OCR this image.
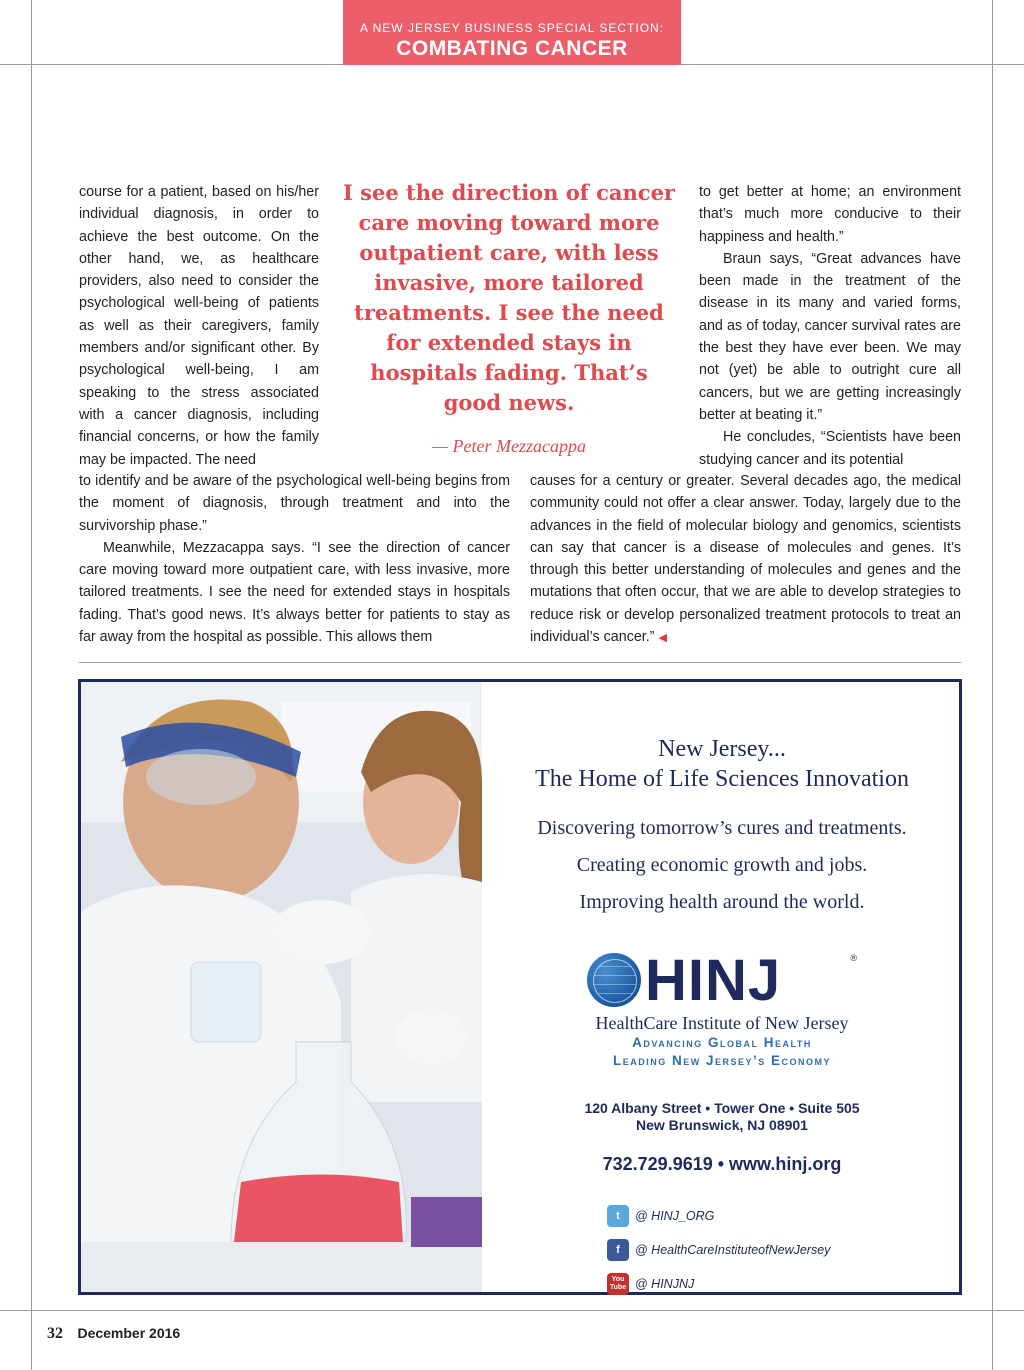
A NEW JERSEY BUSINESS SPECIAL SECTION:
COMBATING CANCER

course for a patient, based on his/her individual diagnosis, in order to achieve the best outcome. On the other hand, we, as healthcare providers, also need to consider the psychological well-being of patients as well as their caregivers, family members and/or significant other. By psychological well-being, I am speaking to the stress associated with a cancer diagnosis, including financial concerns, or how the family may be impacted. The need

I see the direction of cancer care moving toward more outpatient care, with less invasive, more tailored treatments. I see the need for extended stays in hospitals fading. That’s good news.

— Peter Mezzacappa

to get better at home; an environment that’s much more conducive to their happiness and health.”

Braun says, “Great advances have been made in the treatment of the disease in its many and varied forms, and as of today, cancer survival rates are the best they have ever been. We may not (yet) be able to outright cure all cancers, but we are getting increasingly better at beating it.”

He concludes, “Scientists have been studying cancer and its potential

to identify and be aware of the psychological well-being begins from the moment of diagnosis, through treatment and into the survivorship phase.”

Meanwhile, Mezzacappa says. “I see the direction of cancer care moving toward more outpatient care, with less invasive, more tailored treatments. I see the need for extended stays in hospitals fading. That’s good news. It’s always better for patients to stay as far away from the hospital as possible. This allows them

causes for a century or greater. Several decades ago, the medical community could not offer a clear answer. Today, largely due to the advances in the field of molecular biology and genomics, scientists can say that cancer is a disease of molecules and genes. It’s through this better understanding of molecules and genes and the mutations that often occur, that we are able to develop strategies to reduce risk or develop personalized treatment protocols to treat an individual’s cancer.” ◀

New Jersey...
The Home of Life Sciences Innovation
Discovering tomorrow’s cures and treatments.
Creating economic growth and jobs.
Improving health around the world.
HINJ	®
HealthCare Institute of New Jersey
Advancing Global Health
Leading New Jersey’s Economy
120 Albany Street • Tower One • Suite 505
New Brunswick, NJ 08901
732.729.9619 • www.hinj.org
t	@ HINJ_ORG
f	@ HealthCareInstituteofNewJersey
You Tube @ HINJNJ
32 December 2016
